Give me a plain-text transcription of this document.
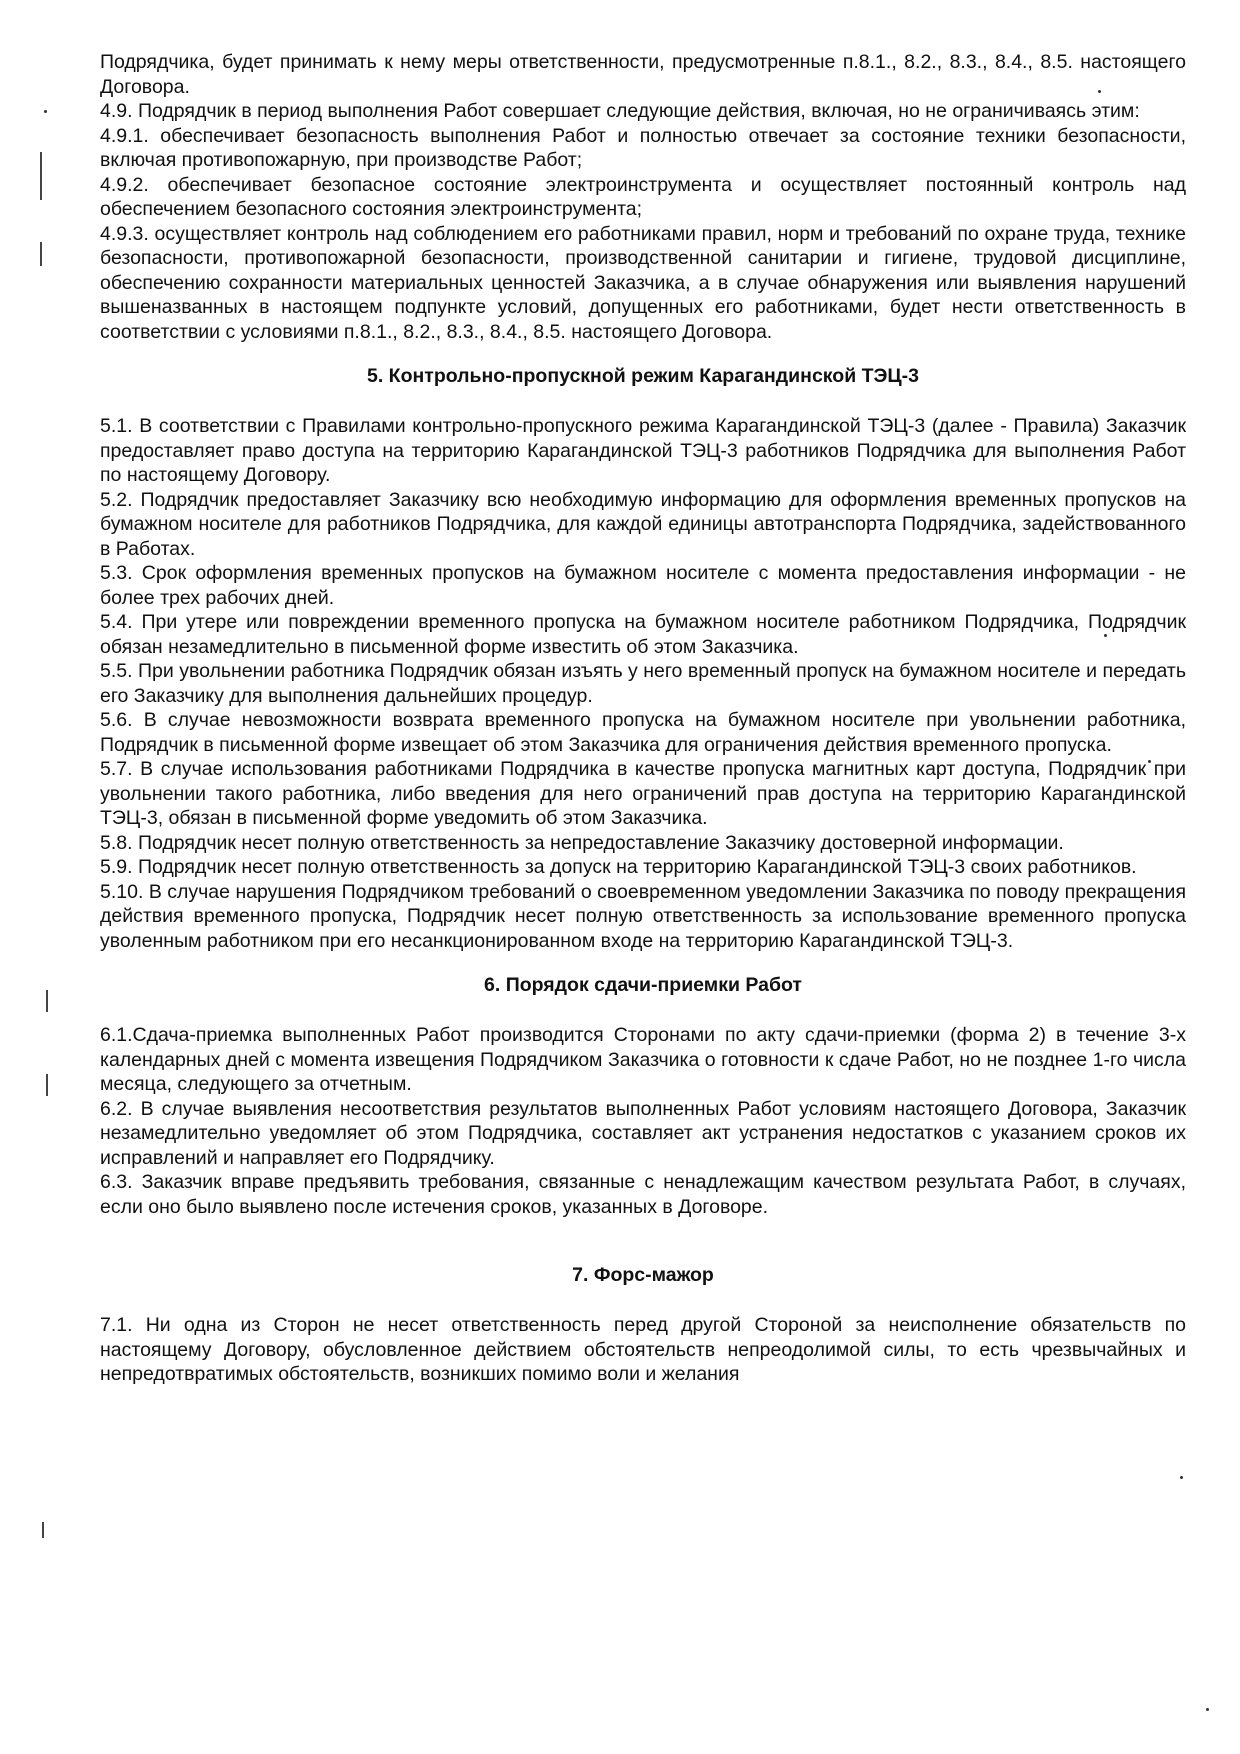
Подрядчика, будет принимать к нему меры ответственности, предусмотренные п.8.1., 8.2., 8.3., 8.4., 8.5. настоящего Договора.

4.9. Подрядчик в период выполнения Работ совершает следующие действия, включая, но не ограничиваясь этим:

4.9.1. обеспечивает безопасность выполнения Работ и полностью отвечает за состояние техники безопасности, включая противопожарную, при производстве Работ;

4.9.2. обеспечивает безопасное состояние электроинструмента и осуществляет постоянный контроль над обеспечением безопасного состояния электроинструмента;

4.9.3. осуществляет контроль над соблюдением его работниками правил, норм и требований по охране труда, технике безопасности, противопожарной безопасности, производственной санитарии и гигиене, трудовой дисциплине, обеспечению сохранности материальных ценностей Заказчика, а в случае обнаружения или выявления нарушений вышеназванных в настоящем подпункте условий, допущенных его работниками, будет нести ответственность в соответствии с условиями п.8.1., 8.2., 8.3., 8.4., 8.5. настоящего Договора.

5. Контрольно-пропускной режим Карагандинской ТЭЦ-3

5.1. В соответствии с Правилами контрольно-пропускного режима Карагандинской ТЭЦ-3 (далее - Правила) Заказчик предоставляет право доступа на территорию Карагандинской ТЭЦ-3 работников Подрядчика для выполнения Работ по настоящему Договору.

5.2. Подрядчик предоставляет Заказчику всю необходимую информацию для оформления временных пропусков на бумажном носителе для работников Подрядчика, для каждой единицы автотранспорта Подрядчика, задействованного в Работах.

5.3. Срок оформления временных пропусков на бумажном носителе с момента предоставления информации - не более трех рабочих дней.

5.4. При утере или повреждении временного пропуска на бумажном носителе работником Подрядчика, Подрядчик обязан незамедлительно в письменной форме известить об этом Заказчика.

5.5. При увольнении работника Подрядчик обязан изъять у него временный пропуск на бумажном носителе и передать его Заказчику для выполнения дальнейших процедур.

5.6. В случае невозможности возврата временного пропуска на бумажном носителе при увольнении работника, Подрядчик в письменной форме извещает об этом Заказчика для ограничения действия временного пропуска.

5.7. В случае использования работниками Подрядчика в качестве пропуска магнитных карт доступа, Подрядчик при увольнении такого работника, либо введения для него ограничений прав доступа на территорию Карагандинской ТЭЦ-3, обязан в письменной форме уведомить об этом Заказчика.

5.8. Подрядчик несет полную ответственность за непредоставление Заказчику достоверной информации.

5.9. Подрядчик несет полную ответственность за допуск на территорию Карагандинской ТЭЦ-3 своих работников.

5.10. В случае нарушения Подрядчиком требований о своевременном уведомлении Заказчика по поводу прекращения действия временного пропуска, Подрядчик несет полную ответственность за использование временного пропуска уволенным работником при его несанкционированном входе на территорию Карагандинской ТЭЦ-3.

6. Порядок сдачи-приемки Работ

6.1.Сдача-приемка выполненных Работ производится Сторонами по акту сдачи-приемки (форма 2) в течение 3-х календарных дней с момента извещения Подрядчиком Заказчика о готовности к сдаче Работ, но не позднее 1-го числа месяца, следующего за отчетным.

6.2. В случае выявления несоответствия результатов выполненных Работ условиям настоящего Договора, Заказчик незамедлительно уведомляет об этом Подрядчика, составляет акт устранения недостатков с указанием сроков их исправлений и направляет его Подрядчику.

6.3. Заказчик вправе предъявить требования, связанные с ненадлежащим качеством результата Работ, в случаях, если оно было выявлено после истечения сроков, указанных в Договоре.

7. Форс-мажор

7.1. Ни одна из Сторон не несет ответственность перед другой Стороной за неисполнение обязательств по настоящему Договору, обусловленное действием обстоятельств непреодолимой силы, то есть чрезвычайных и непредотвратимых обстоятельств, возникших помимо воли и желания
